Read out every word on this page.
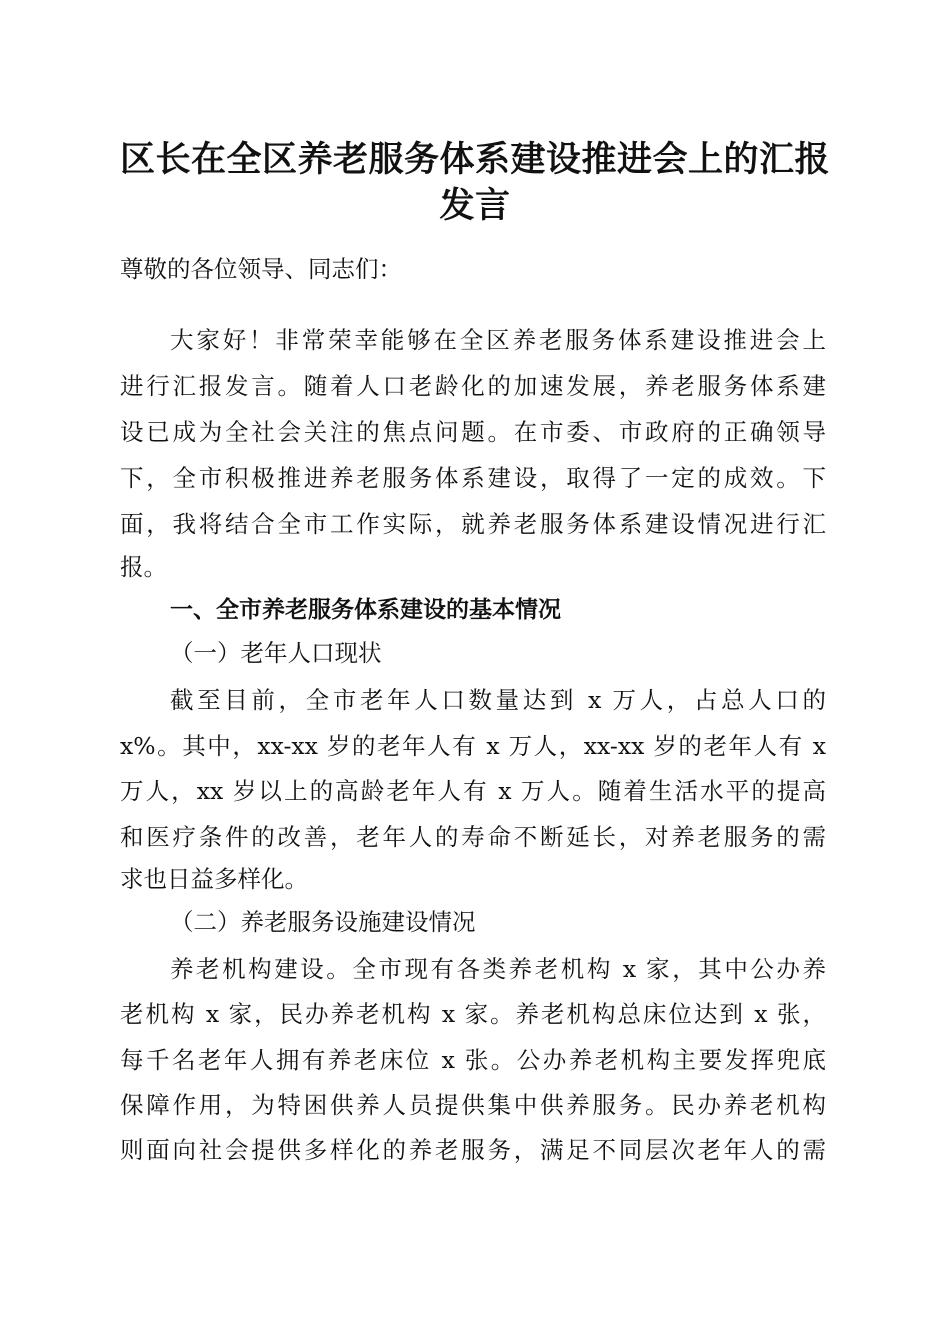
区长在全区养老服务体系建设推进会上的汇报
发言

尊敬的各位领导、同志们：

大家好！非常荣幸能够在全区养老服务体系建设推进会上

进行汇报发言。随着人口老龄化的加速发展，养老服务体系建

设已成为全社会关注的焦点问题。在市委、市政府的正确领导

下，全市积极推进养老服务体系建设，取得了一定的成效。下

面，我将结合全市工作实际，就养老服务体系建设情况进行汇

报。

一、全市养老服务体系建设的基本情况

（一）老年人口现状

截至目前，全市老年人口数量达到 x 万人，占总人口的

x%。其中，xx-xx 岁的老年人有 x 万人，xx-xx 岁的老年人有 x

万人，xx 岁以上的高龄老年人有 x 万人。随着生活水平的提高

和医疗条件的改善，老年人的寿命不断延长，对养老服务的需

求也日益多样化。

（二）养老服务设施建设情况

养老机构建设。全市现有各类养老机构 x 家，其中公办养

老机构 x 家，民办养老机构 x 家。养老机构总床位达到 x 张，

每千名老年人拥有养老床位 x 张。公办养老机构主要发挥兜底

保障作用，为特困供养人员提供集中供养服务。民办养老机构

则面向社会提供多样化的养老服务，满足不同层次老年人的需
